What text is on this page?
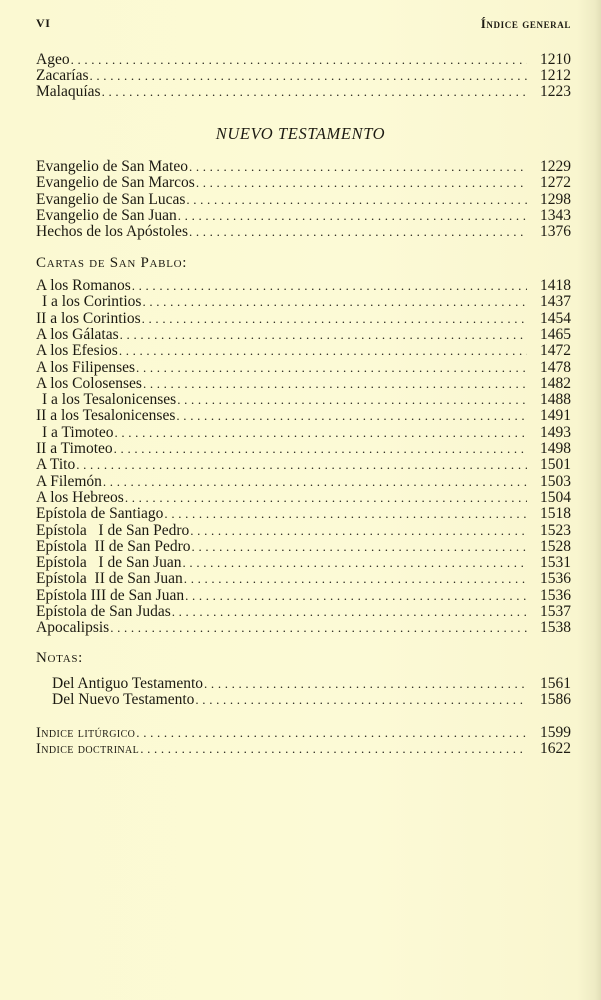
VI	Índice general
Ageo . . .	1210
Zacarías . . .	1212
Malaquías . . .	1223
NUEVO TESTAMENTO
Evangelio de San Mateo . . .	1229
Evangelio de San Marcos . . .	1272
Evangelio de San Lucas . . .	1298
Evangelio de San Juan . . .	1343
Hechos de los Apóstoles . . .	1376
Cartas de San Pablo:
A los Romanos . . .	1418
I a los Corintios . . .	1437
II a los Corintios . . .	1454
A los Gálatas . . .	1465
A los Efesios . . .	1472
A los Filipenses . . .	1478
A los Colosenses . . .	1482
I a los Tesalonicenses . . .	1488
II a los Tesalonicenses . . .	1491
I a Timoteo . . .	1493
II a Timoteo . . .	1498
A Tito . . .	1501
A Filemón . . .	1503
A los Hebreos . . .	1504
Epístola de Santiago . . .	1518
Epístola   I de San Pedro . . .	1523
Epístola  II de San Pedro . . .	1528
Epístola   I de San Juan . . .	1531
Epístola  II de San Juan . . .	1536
Epístola III de San Juan . . .	1536
Epístola de San Judas . . .	1537
Apocalipsis . . .	1538
Notas:
Del Antiguo Testamento . . .	1561
Del Nuevo Testamento . . .	1586
Indice litúrgico . . .	1599
Indice doctrinal . . .	1622
